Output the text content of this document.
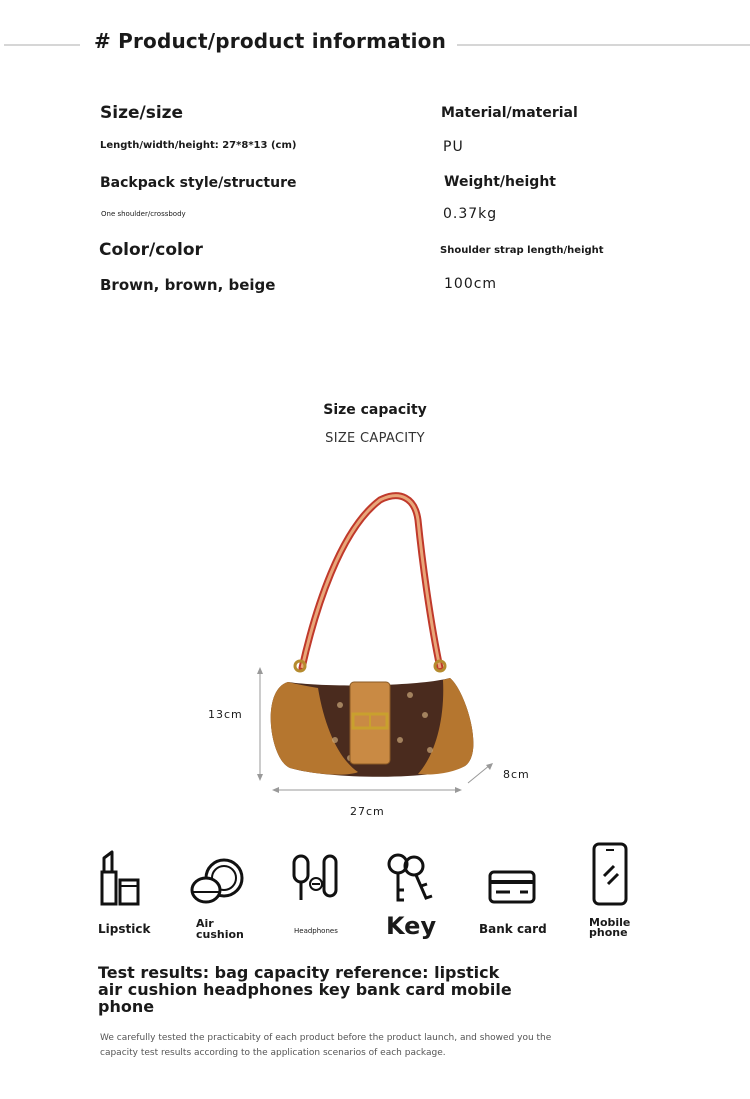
# Product/product information
Size/size
Length/width/height: 27*8*13 (cm)
Material/material
PU
Backpack style/structure
One shoulder/crossbody
Weight/height
0.37kg
Color/color
Brown, brown, beige
Shoulder strap length/height
100cm
Size capacity
SIZE CAPACITY
13cm
8cm
27cm
Lipstick	Air cushion	Headphones Key	Bank card	Mobile phone
Test results: bag capacity reference: lipstick air cushion headphones key bank card mobile phone
We carefully tested the practicabity of each product before the product launch, and showed you the capacity test results according to the application scenarios of each package.
